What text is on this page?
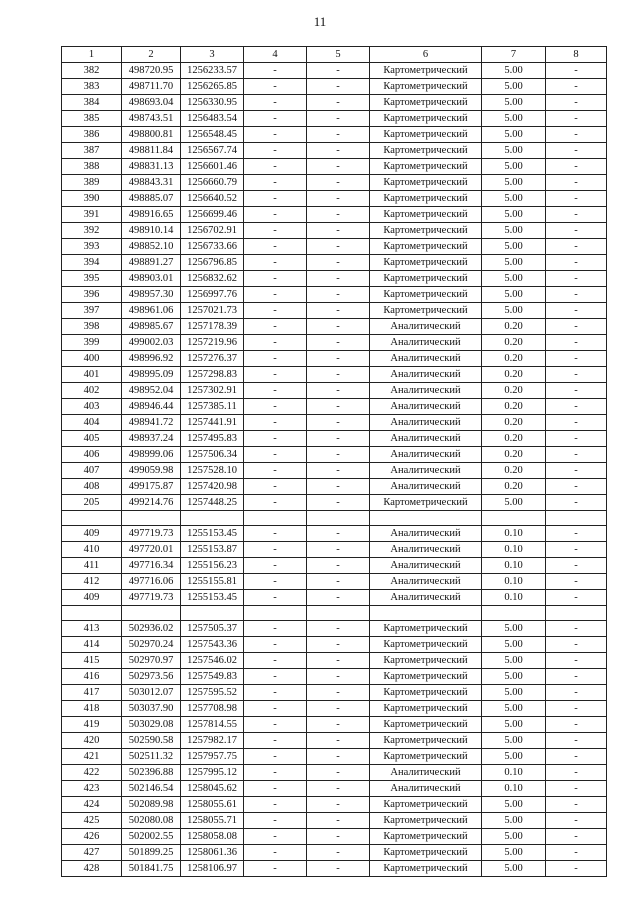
11
1	2	3	4	5	6	7	8
382	498720.95	1256233.57	-	-	Картометрический	5.00	-
383	498711.70	1256265.85	-	-	Картометрический	5.00	-
384	498693.04	1256330.95	-	-	Картометрический	5.00	-
385	498743.51	1256483.54	-	-	Картометрический	5.00	-
386	498800.81	1256548.45	-	-	Картометрический	5.00	-
387	498811.84	1256567.74	-	-	Картометрический	5.00	-
388	498831.13	1256601.46	-	-	Картометрический	5.00	-
389	498843.31	1256660.79	-	-	Картометрический	5.00	-
390	498885.07	1256640.52	-	-	Картометрический	5.00	-
391	498916.65	1256699.46	-	-	Картометрический	5.00	-
392	498910.14	1256702.91	-	-	Картометрический	5.00	-
393	498852.10	1256733.66	-	-	Картометрический	5.00	-
394	498891.27	1256796.85	-	-	Картометрический	5.00	-
395	498903.01	1256832.62	-	-	Картометрический	5.00	-
396	498957.30	1256997.76	-	-	Картометрический	5.00	-
397	498961.06	1257021.73	-	-	Картометрический	5.00	-
398	498985.67	1257178.39	-	-	Аналитический	0.20	-
399	499002.03	1257219.96	-	-	Аналитический	0.20	-
400	498996.92	1257276.37	-	-	Аналитический	0.20	-
401	498995.09	1257298.83	-	-	Аналитический	0.20	-
402	498952.04	1257302.91	-	-	Аналитический	0.20	-
403	498946.44	1257385.11	-	-	Аналитический	0.20	-
404	498941.72	1257441.91	-	-	Аналитический	0.20	-
405	498937.24	1257495.83	-	-	Аналитический	0.20	-
406	498999.06	1257506.34	-	-	Аналитический	0.20	-
407	499059.98	1257528.10	-	-	Аналитический	0.20	-
408	499175.87	1257420.98	-	-	Аналитический	0.20	-
205	499214.76	1257448.25	-	-	Картометрический	5.00	-

409	497719.73	1255153.45	-	-	Аналитический	0.10	-
410	497720.01	1255153.87	-	-	Аналитический	0.10	-
411	497716.34	1255156.23	-	-	Аналитический	0.10	-
412	497716.06	1255155.81	-	-	Аналитический	0.10	-
409	497719.73	1255153.45	-	-	Аналитический	0.10	-

413	502936.02	1257505.37	-	-	Картометрический	5.00	-
414	502970.24	1257543.36	-	-	Картометрический	5.00	-
415	502970.97	1257546.02	-	-	Картометрический	5.00	-
416	502973.56	1257549.83	-	-	Картометрический	5.00	-
417	503012.07	1257595.52	-	-	Картометрический	5.00	-
418	503037.90	1257708.98	-	-	Картометрический	5.00	-
419	503029.08	1257814.55	-	-	Картометрический	5.00	-
420	502590.58	1257982.17	-	-	Картометрический	5.00	-
421	502511.32	1257957.75	-	-	Картометрический	5.00	-
422	502396.88	1257995.12	-	-	Аналитический	0.10	-
423	502146.54	1258045.62	-	-	Аналитический	0.10	-
424	502089.98	1258055.61	-	-	Картометрический	5.00	-
425	502080.08	1258055.71	-	-	Картометрический	5.00	-
426	502002.55	1258058.08	-	-	Картометрический	5.00	-
427	501899.25	1258061.36	-	-	Картометрический	5.00	-
428	501841.75	1258106.97	-	-	Картометрический	5.00	-
